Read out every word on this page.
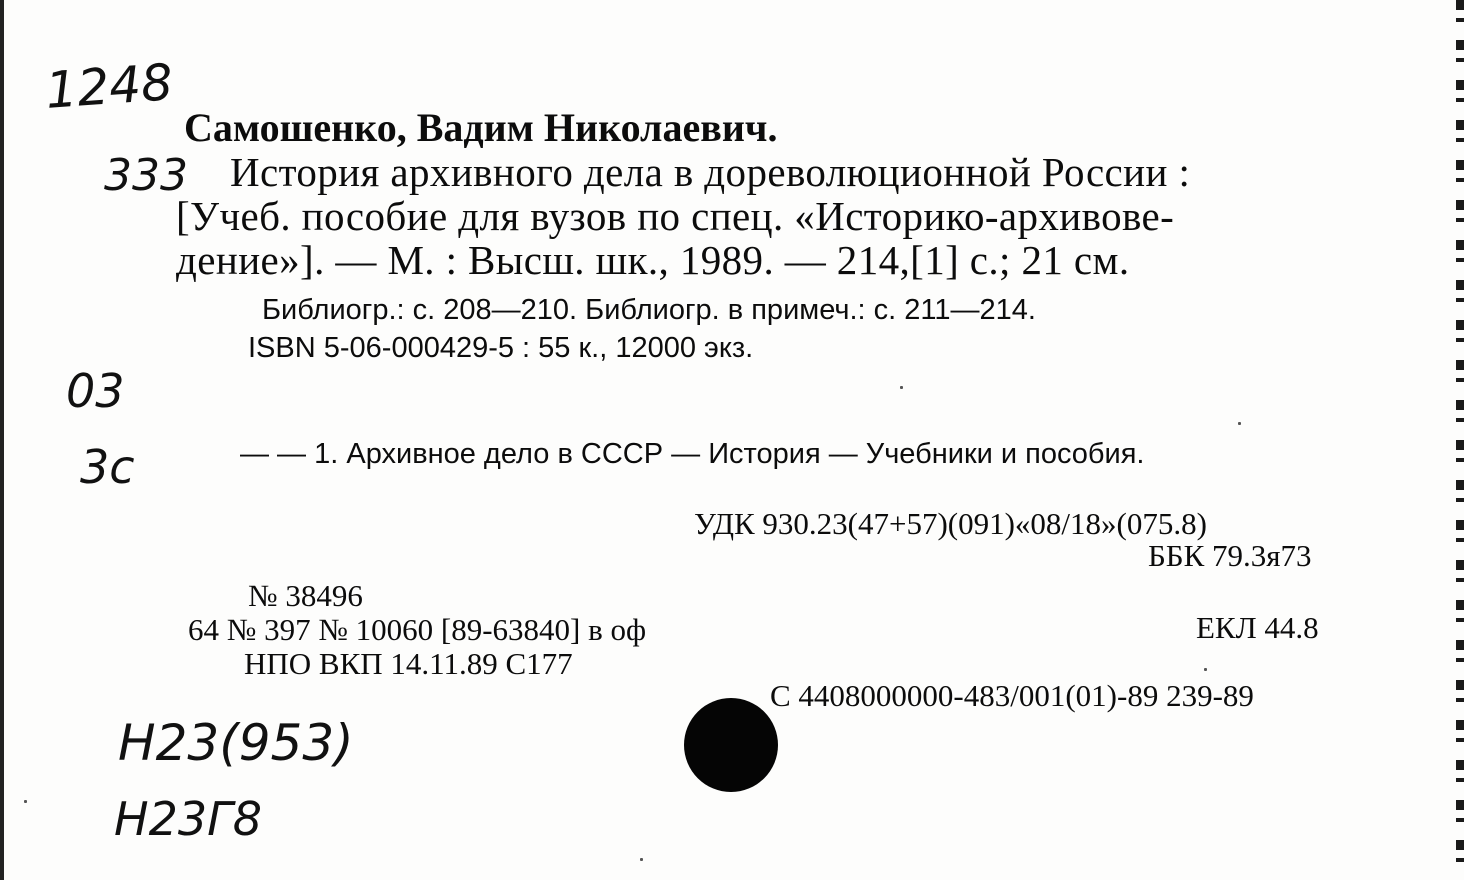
1248
333
03
3c
H23(953)
H23Г8

Самошенко, Вадим Николаевич.

История архивного дела в дореволюционной России :

[Учеб. пособие для вузов по спец. «Историко-архивове-

дение»]. — М. : Высш. шк., 1989. — 214,[1] с.; 21 см.

Библиогр.: с. 208—210. Библиогр. в примеч.: с. 211—214.

ISBN 5-06-000429-5 : 55 к., 12000 экз.

— — 1. Архивное дело в СССР — История — Учебники и пособия.

УДК 930.23(47+57)(091)«08/18»(075.8)

ББК 79.3я73

№ 38496

64 № 397 № 10060 [89-63840] в оф	ЕКЛ 44.8

НПО ВКП 14.11.89 С177

С 4408000000-483/001(01)-89 239-89
